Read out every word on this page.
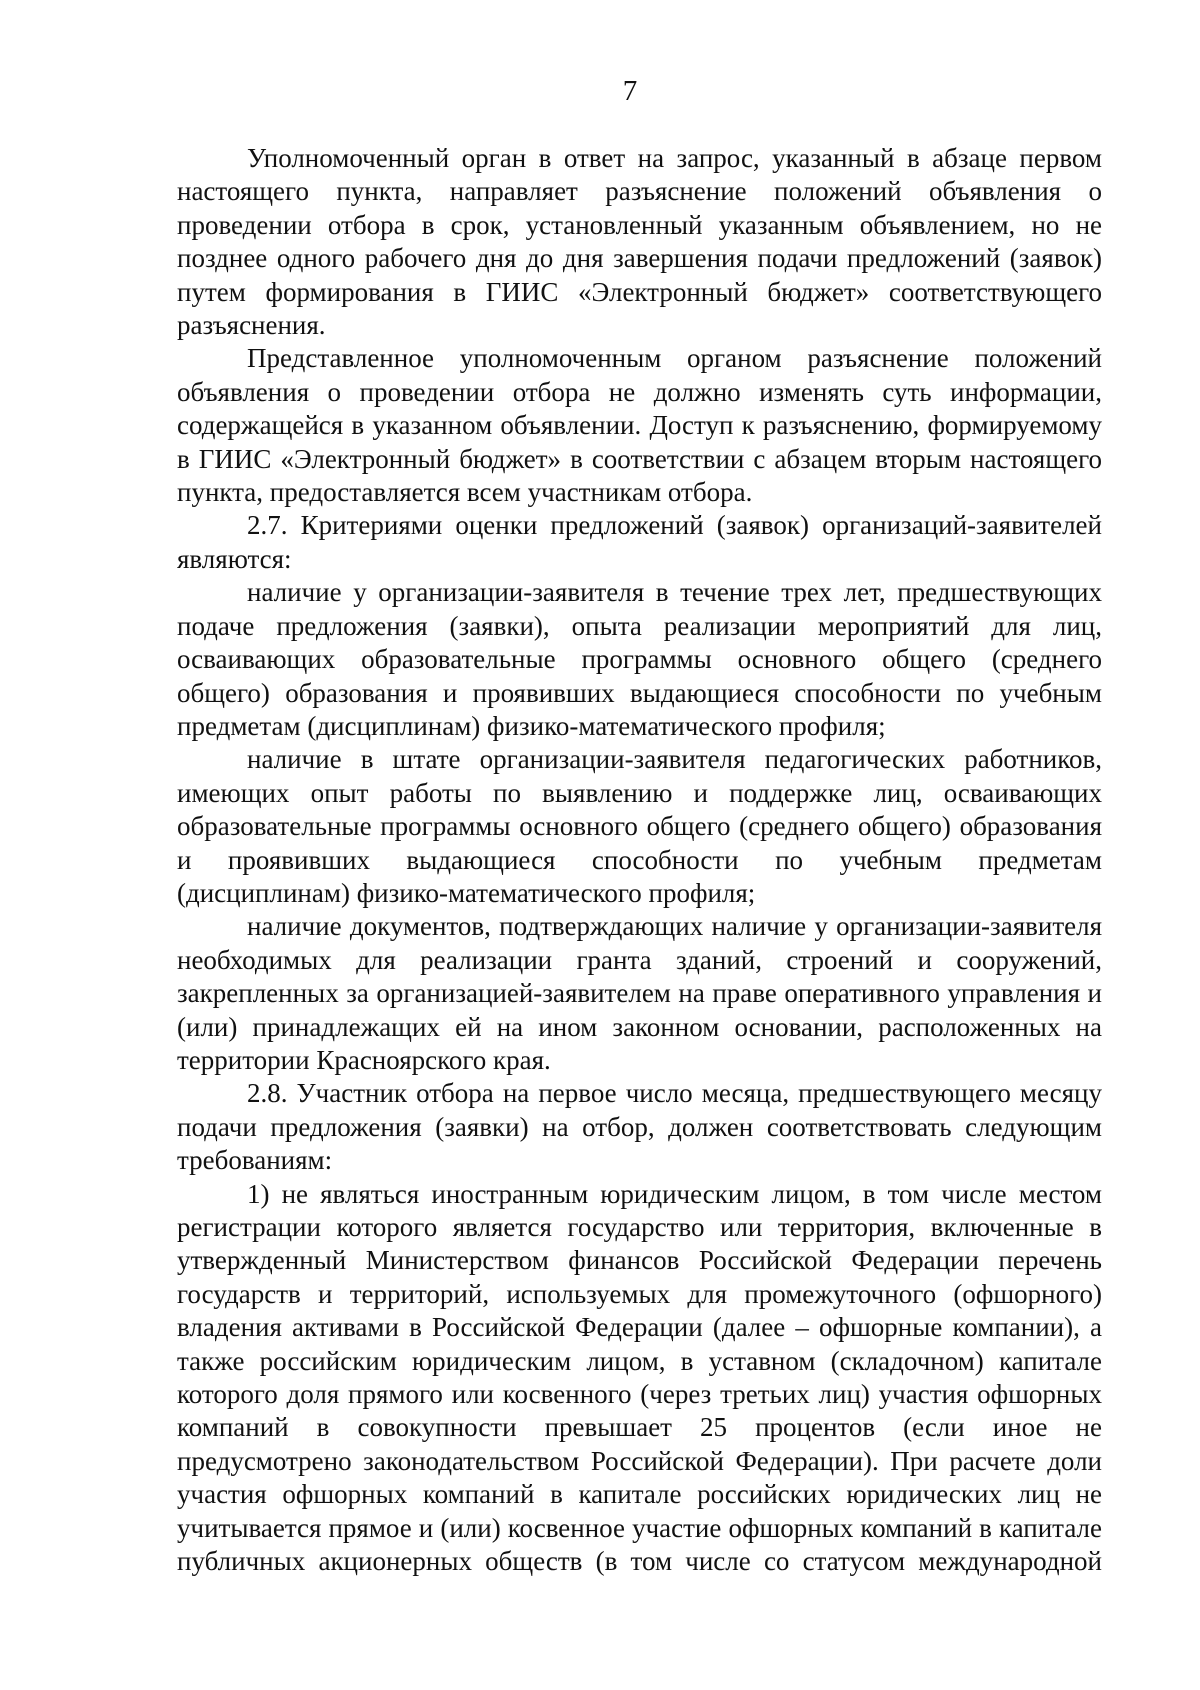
7

Уполномоченный орган в ответ на запрос, указанный в абзаце первом настоящего пункта, направляет разъяснение положений объявления о проведении отбора в срок, установленный указанным объявлением, но не позднее одного рабочего дня до дня завершения подачи предложений (заявок) путем формирования в ГИИС «Электронный бюджет» соответствующего разъяснения.

Представленное уполномоченным органом разъяснение положений объявления о проведении отбора не должно изменять суть информации, содержащейся в указанном объявлении. Доступ к разъяснению, формируемому в ГИИС «Электронный бюджет» в соответствии с абзацем вторым настоящего пункта, предоставляется всем участникам отбора.

2.7. Критериями оценки предложений (заявок) организаций-заявителей являются:

наличие у организации-заявителя в течение трех лет, предшествующих подаче предложения (заявки), опыта реализации мероприятий для лиц, осваивающих образовательные программы основного общего (среднего общего) образования и проявивших выдающиеся способности по учебным предметам (дисциплинам) физико-математического профиля;

наличие в штате организации-заявителя педагогических работников, имеющих опыт работы по выявлению и поддержке лиц, осваивающих образовательные программы основного общего (среднего общего) образования и проявивших выдающиеся способности по учебным предметам (дисциплинам) физико-математического профиля;

наличие документов, подтверждающих наличие у организации-заявителя необходимых для реализации гранта зданий, строений и сооружений, закрепленных за организацией-заявителем на праве оперативного управления и (или) принадлежащих ей на ином законном основании, расположенных на территории Красноярского края.

2.8. Участник отбора на первое число месяца, предшествующего месяцу подачи предложения (заявки) на отбор, должен соответствовать следующим требованиям:

1) не являться иностранным юридическим лицом, в том числе местом регистрации которого является государство или территория, включенные в утвержденный Министерством финансов Российской Федерации перечень государств и территорий, используемых для промежуточного (офшорного) владения активами в Российской Федерации (далее – офшорные компании), а также российским юридическим лицом, в уставном (складочном) капитале которого доля прямого или косвенного (через третьих лиц) участия офшорных компаний в совокупности превышает 25 процентов (если иное не предусмотрено законодательством Российской Федерации). При расчете доли участия офшорных компаний в капитале российских юридических лиц не учитывается прямое и (или) косвенное участие офшорных компаний в капитале публичных акционерных обществ (в том числе со статусом международной
